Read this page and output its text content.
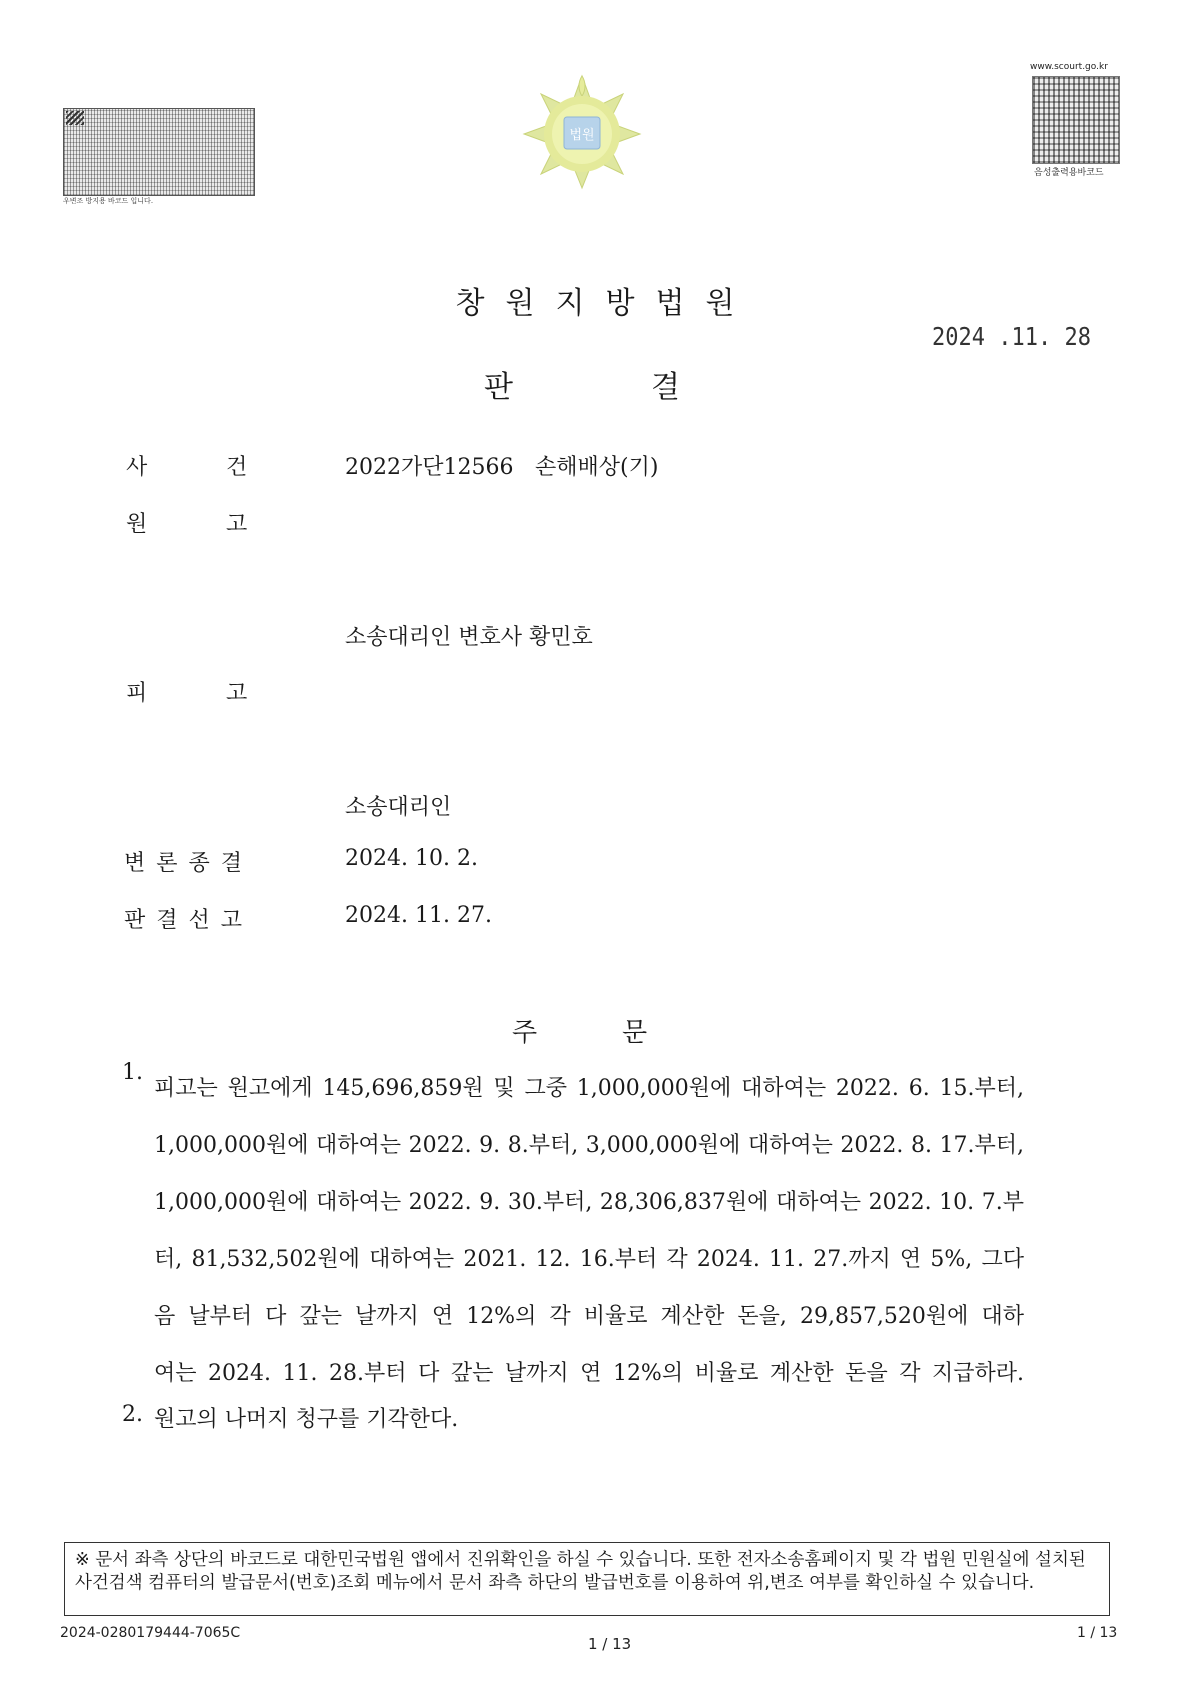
우변조 방지용 바코드 입니다.
www.scourt.go.kr
음성출력용바코드
법원
창원지방법원
2024 .11. 28
판	결
사	건	2022가단12566 손해배상(기)
원	고
소송대리인 변호사 황민호
피	고
소송대리인
변 론 종 결	2024. 10. 2.
판 결 선 고	2024. 11. 27.
주	문
1.
피고는 원고에게 145,696,859원 및 그중 1,000,000원에 대하여는 2022. 6. 15.부터,
1,000,000원에 대하여는 2022. 9. 8.부터, 3,000,000원에 대하여는 2022. 8. 17.부터,
1,000,000원에 대하여는 2022. 9. 30.부터, 28,306,837원에 대하여는 2022. 10. 7.부
터, 81,532,502원에 대하여는 2021. 12. 16.부터 각 2024. 11. 27.까지 연 5%, 그다
음 날부터 다 갚는 날까지 연 12%의 각 비율로 계산한 돈을, 29,857,520원에 대하
여는 2024. 11. 28.부터 다 갚는 날까지 연 12%의 비율로 계산한 돈을 각 지급하라.
2. 원고의 나머지 청구를 기각한다.
※ 문서 좌측 상단의 바코드로 대한민국법원 앱에서 진위확인을 하실 수 있습니다. 또한 전자소송홈페이지 및 각 법원 민원실에 설치된 사건검색 컴퓨터의 발급문서(번호)조회 메뉴에서 문서 좌측 하단의 발급번호를 이용하여 위,변조 여부를 확인하실 수 있습니다.
2024-0280179444-7065C
1 / 13
1 / 13
